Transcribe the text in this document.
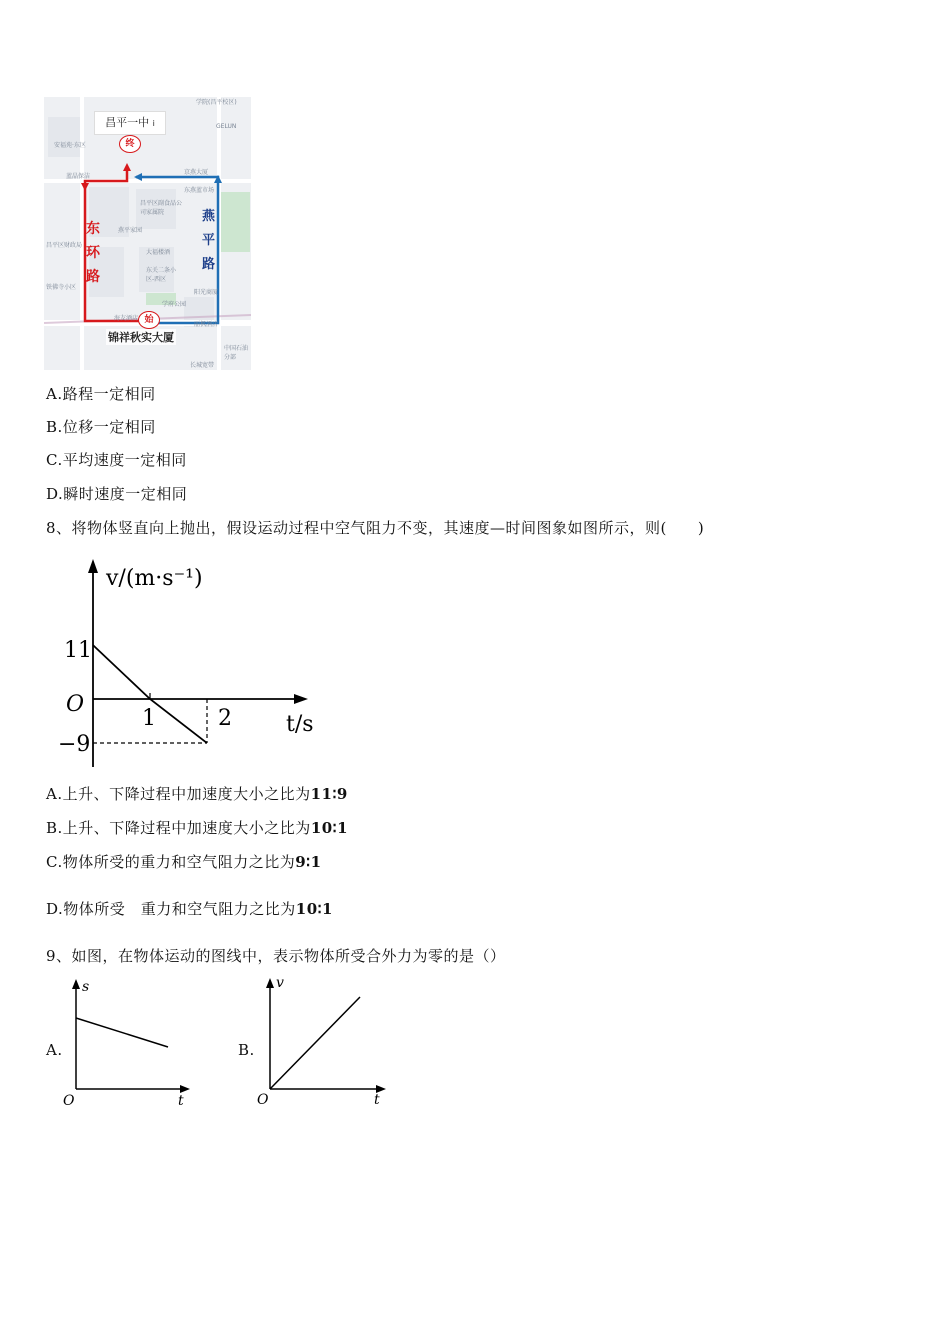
昌平一中 ⅰ
终
始
东
环
路
燕
平
路
锦祥秋实大厦
学院(昌平校区)
GELUN
安福苑·东区
蓝晶保洁
京燕大厦
东燕蓝市场
昌平区副食品公司家属院
燕平家园
大福楼酒
东关二条小区-西区
阳光商厦
学府公园
海友酒店
丽枫酒店
中国石油分部
长城宽带
昌平区财政局
铁佛寺小区
A.路程一定相同
B.位移一定相同
C.平均速度一定相同
D.瞬时速度一定相同
8、将物体竖直向上抛出，假设运动过程中空气阻力不变，其速度—时间图象如图所示，则(　　)
v/(m·s⁻¹)
11
O
1	2 t/s
−9
A.上升、下降过程中加速度大小之比为11∶9
B.上升、下降过程中加速度大小之比为10∶1
C.物体所受的重力和空气阻力之比为9∶1
D.物体所受　重力和空气阻力之比为10∶1
9、如图，在物体运动的图线中，表示物体所受合外力为零的是（）
A.
s
O	t
B.
v
O	t
